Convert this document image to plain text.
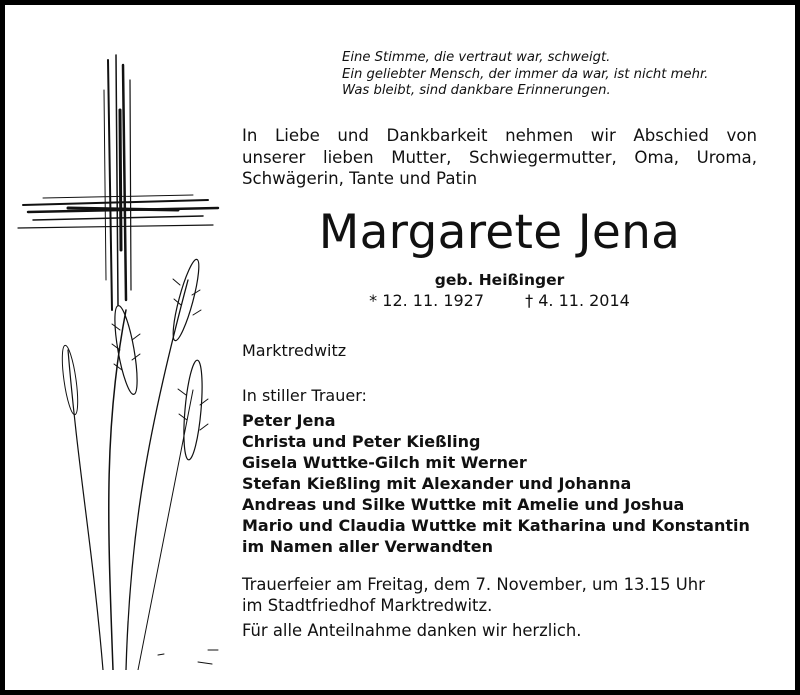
Eine Stimme, die vertraut war, schweigt.
Ein geliebter Mensch, der immer da war, ist nicht mehr.
Was bleibt, sind dankbare Erinnerungen.
In Liebe und Dankbarkeit nehmen wir Abschied von
unserer lieben Mutter, Schwiegermutter, Oma, Uroma,
Schwägerin, Tante und Patin
Margarete Jena
geb. Heißinger
* 12. 11. 1927	† 4. 11. 2014
Marktredwitz
In stiller Trauer:
Peter Jena
Christa und Peter Kießling
Gisela Wuttke-Gilch mit Werner
Stefan Kießling mit Alexander und Johanna
Andreas und Silke Wuttke mit Amelie und Joshua
Mario und Claudia Wuttke mit Katharina und Konstantin
im Namen aller Verwandten
Trauerfeier am Freitag, dem 7. November, um 13.15 Uhr
im Stadtfriedhof Marktredwitz.
Für alle Anteilnahme danken wir herzlich.
